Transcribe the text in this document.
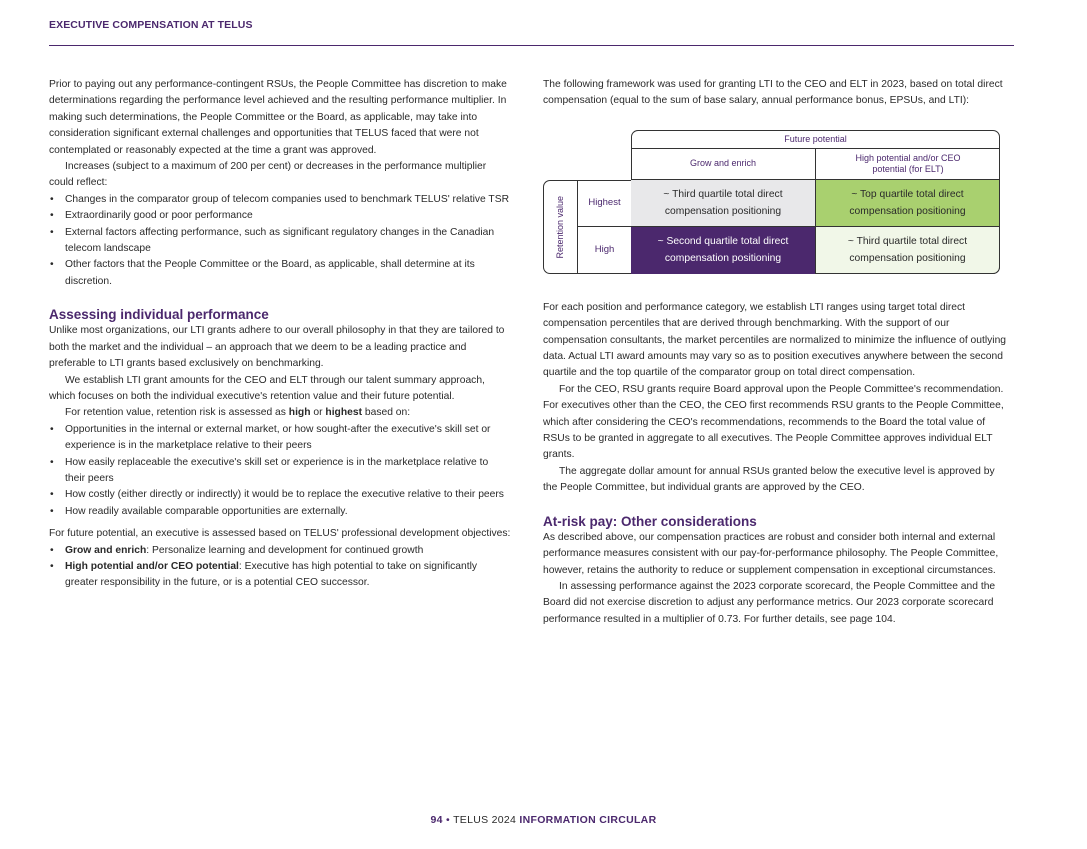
EXECUTIVE COMPENSATION AT TELUS

Prior to paying out any performance-contingent RSUs, the People Committee has discretion to make determinations regarding the performance level achieved and the resulting performance multiplier. In making such determinations, the People Committee or the Board, as applicable, may take into consideration significant external challenges and opportunities that TELUS faced that were not contemplated or reasonably expected at the time a grant was approved.

Increases (subject to a maximum of 200 per cent) or decreases in the performance multiplier could reflect:

• Changes in the comparator group of telecom companies used to benchmark TELUS' relative TSR
• Extraordinarily good or poor performance
• External factors affecting performance, such as significant regulatory changes in the Canadian telecom landscape
• Other factors that the People Committee or the Board, as applicable, shall determine at its discretion.
Assessing individual performance

Unlike most organizations, our LTI grants adhere to our overall philosophy in that they are tailored to both the market and the individual – an approach that we deem to be a leading practice and preferable to LTI grants based exclusively on benchmarking.

We establish LTI grant amounts for the CEO and ELT through our talent summary approach, which focuses on both the individual executive's retention value and their future potential.

For retention value, retention risk is assessed as high or highest based on:

• Opportunities in the internal or external market, or how sought-after the executive's skill set or experience is in the marketplace relative to their peers
• How easily replaceable the executive's skill set or experience is in the marketplace relative to their peers
• How costly (either directly or indirectly) it would be to replace the executive relative to their peers
• How readily available comparable opportunities are externally.

For future potential, an executive is assessed based on TELUS' professional development objectives:

• Grow and enrich: Personalize learning and development for continued growth
• High potential and/or CEO potential: Executive has high potential to take on significantly greater responsibility in the future, or is a potential CEO successor.

The following framework was used for granting LTI to the CEO and ELT in 2023, based on total direct compensation (equal to the sum of base salary, annual performance bonus, EPSUs, and LTI):

Future potential
Grow and enrich
High potential and/or CEO potential (for ELT)
Retention value	Highest
High
~ Third quartile total direct compensation positioning
~ Top quartile total direct compensation positioning
~ Second quartile total direct compensation positioning
~ Third quartile total direct compensation positioning

For each position and performance category, we establish LTI ranges using target total direct compensation percentiles that are derived through benchmarking. With the support of our compensation consultants, the market percentiles are normalized to minimize the influence of outlying data. Actual LTI award amounts may vary so as to position executives anywhere between the second quartile and the top quartile of the comparator group on total direct compensation.

For the CEO, RSU grants require Board approval upon the People Committee's recommendation. For executives other than the CEO, the CEO first recommends RSU grants to the People Committee, which after considering the CEO's recommendations, recommends to the Board the total value of RSUs to be granted in aggregate to all executives. The People Committee approves individual ELT grants.

The aggregate dollar amount for annual RSUs granted below the executive level is approved by the People Committee, but individual grants are approved by the CEO.

At-risk pay: Other considerations

As described above, our compensation practices are robust and consider both internal and external performance measures consistent with our pay-for-performance philosophy. The People Committee, however, retains the authority to reduce or supplement compensation in exceptional circumstances.

In assessing performance against the 2023 corporate scorecard, the People Committee and the Board did not exercise discretion to adjust any performance metrics. Our 2023 corporate scorecard performance resulted in a multiplier of 0.73. For further details, see page 104.

94 • TELUS 2024 INFORMATION CIRCULAR
